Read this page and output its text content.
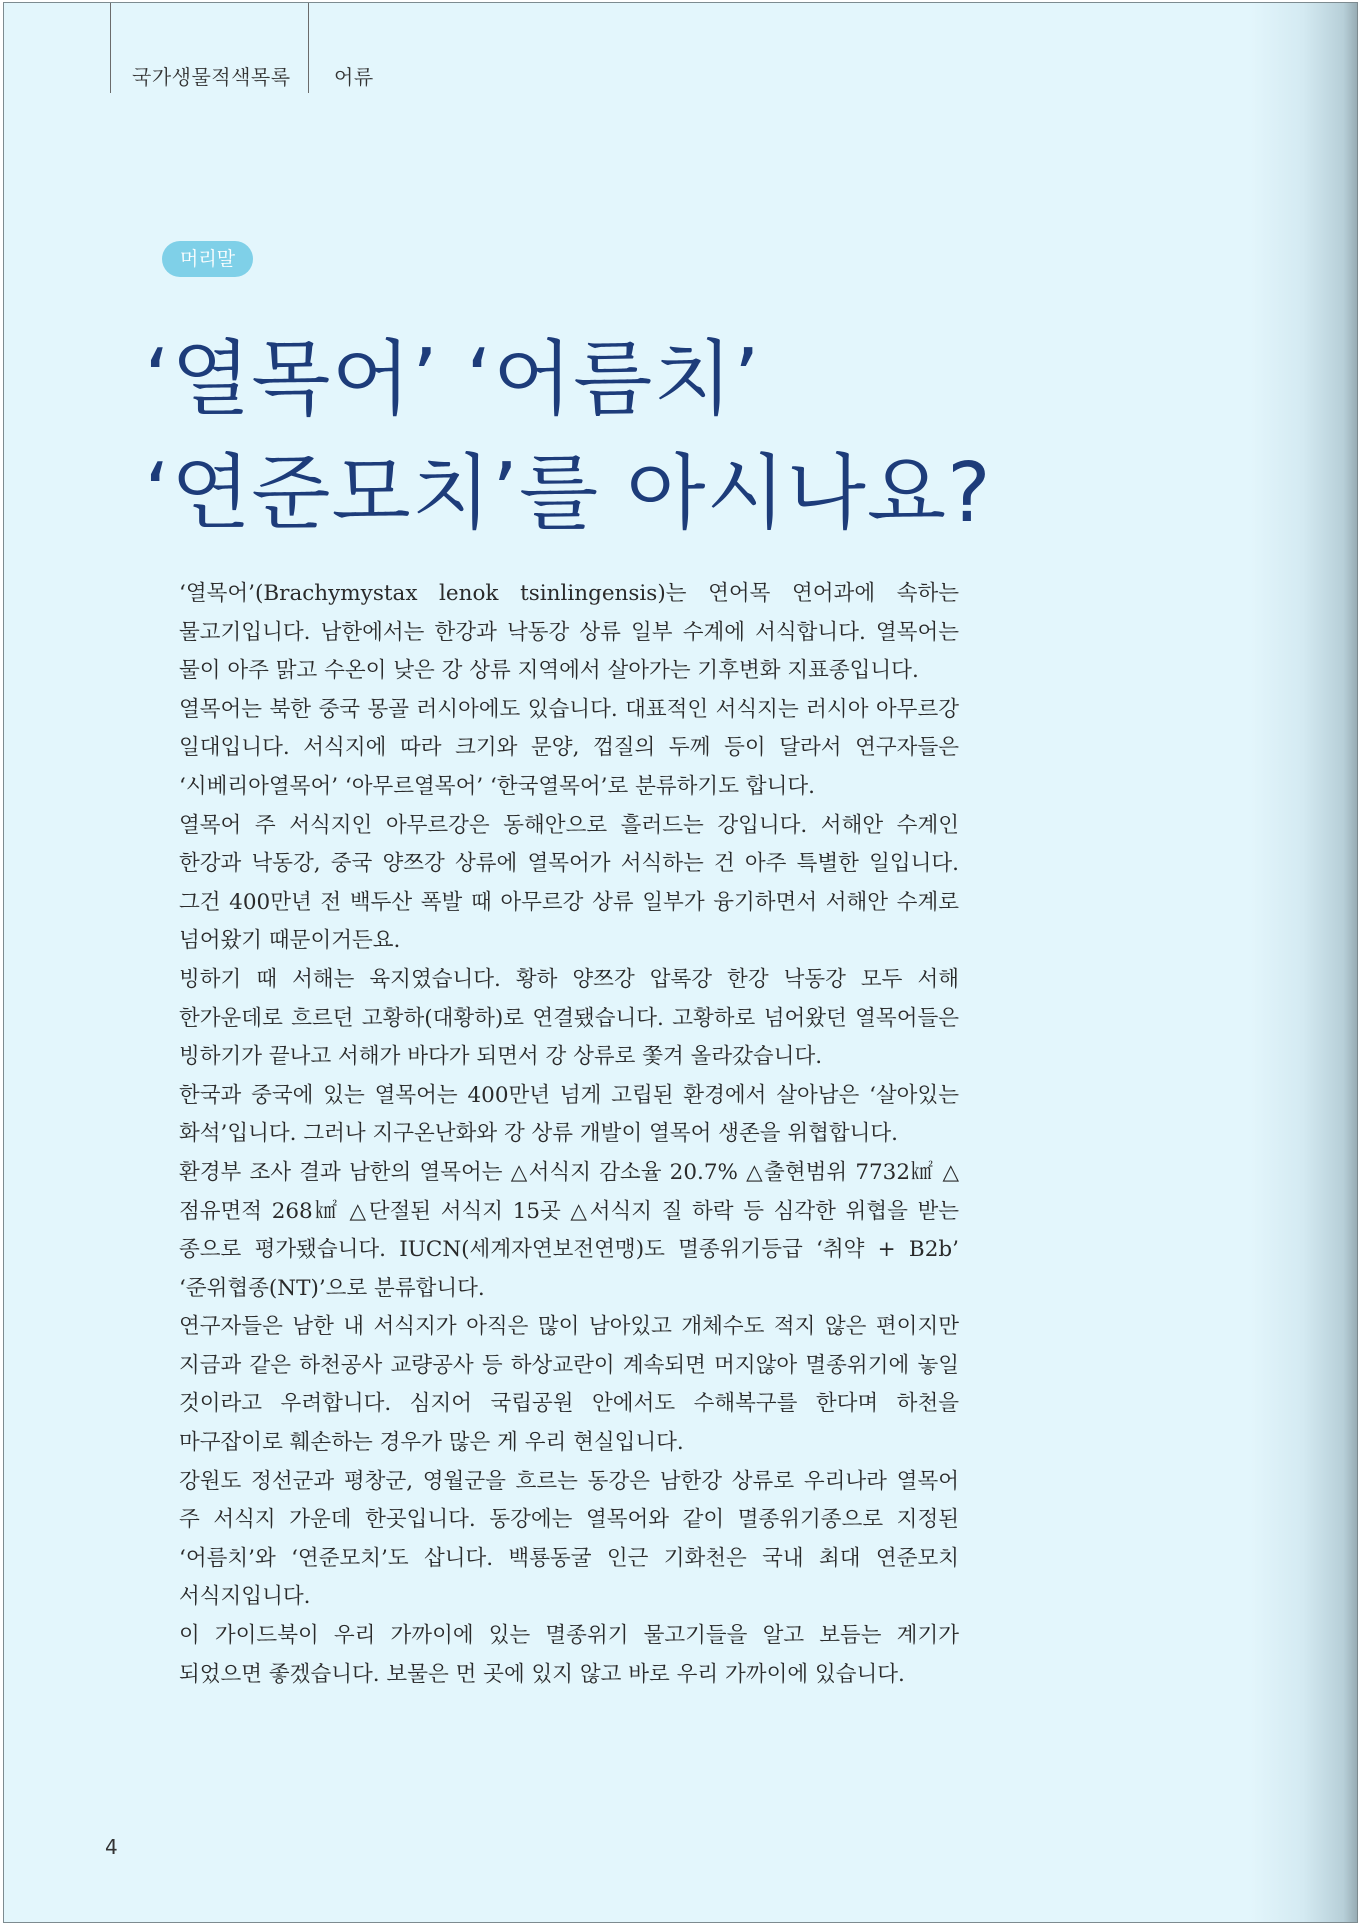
국가생물적색목록 어류
머리말
‘열목어’ ‘어름치’
‘연준모치’를 아시나요?

‘열목어’(Brachymystax lenok tsinlingensis)는 연어목 연어과에 속하는 물고기입니다. 남한에서는 한강과 낙동강 상류 일부 수계에 서식합니다. 열목어는 물이 아주 맑고 수온이 낮은 강 상류 지역에서 살아가는 기후변화 지표종입니다.

열목어는 북한 중국 몽골 러시아에도 있습니다. 대표적인 서식지는 러시아 아무르강 일대입니다. 서식지에 따라 크기와 문양, 껍질의 두께 등이 달라서 연구자들은 ‘시베리아열목어’ ‘아무르열목어’ ‘한국열목어’로 분류하기도 합니다.

열목어 주 서식지인 아무르강은 동해안으로 흘러드는 강입니다. 서해안 수계인 한강과 낙동강, 중국 양쯔강 상류에 열목어가 서식하는 건 아주 특별한 일입니다. 그건 400만년 전 백두산 폭발 때 아무르강 상류 일부가 융기하면서 서해안 수계로 넘어왔기 때문이거든요.

빙하기 때 서해는 육지였습니다. 황하 양쯔강 압록강 한강 낙동강 모두 서해 한가운데로 흐르던 고황하(대황하)로 연결됐습니다. 고황하로 넘어왔던 열목어들은 빙하기가 끝나고 서해가 바다가 되면서 강 상류로 쫓겨 올라갔습니다.

한국과 중국에 있는 열목어는 400만년 넘게 고립된 환경에서 살아남은 ‘살아있는 화석’입니다. 그러나 지구온난화와 강 상류 개발이 열목어 생존을 위협합니다.

환경부 조사 결과 남한의 열목어는 △서식지 감소율 20.7% △출현범위 7732㎢ △점유면적 268㎢ △단절된 서식지 15곳 △서식지 질 하락 등 심각한 위협을 받는 종으로 평가됐습니다. IUCN(세계자연보전연맹)도 멸종위기등급 ‘취약 + B2b’ ‘준위협종(NT)’으로 분류합니다.

연구자들은 남한 내 서식지가 아직은 많이 남아있고 개체수도 적지 않은 편이지만 지금과 같은 하천공사 교량공사 등 하상교란이 계속되면 머지않아 멸종위기에 놓일 것이라고 우려합니다. 심지어 국립공원 안에서도 수해복구를 한다며 하천을 마구잡이로 훼손하는 경우가 많은 게 우리 현실입니다.

강원도 정선군과 평창군, 영월군을 흐르는 동강은 남한강 상류로 우리나라 열목어 주 서식지 가운데 한곳입니다. 동강에는 열목어와 같이 멸종위기종으로 지정된 ‘어름치’와 ‘연준모치’도 삽니다. 백룡동굴 인근 기화천은 국내 최대 연준모치 서식지입니다.

이 가이드북이 우리 가까이에 있는 멸종위기 물고기들을 알고 보듬는 계기가 되었으면 좋겠습니다. 보물은 먼 곳에 있지 않고 바로 우리 가까이에 있습니다.

4
